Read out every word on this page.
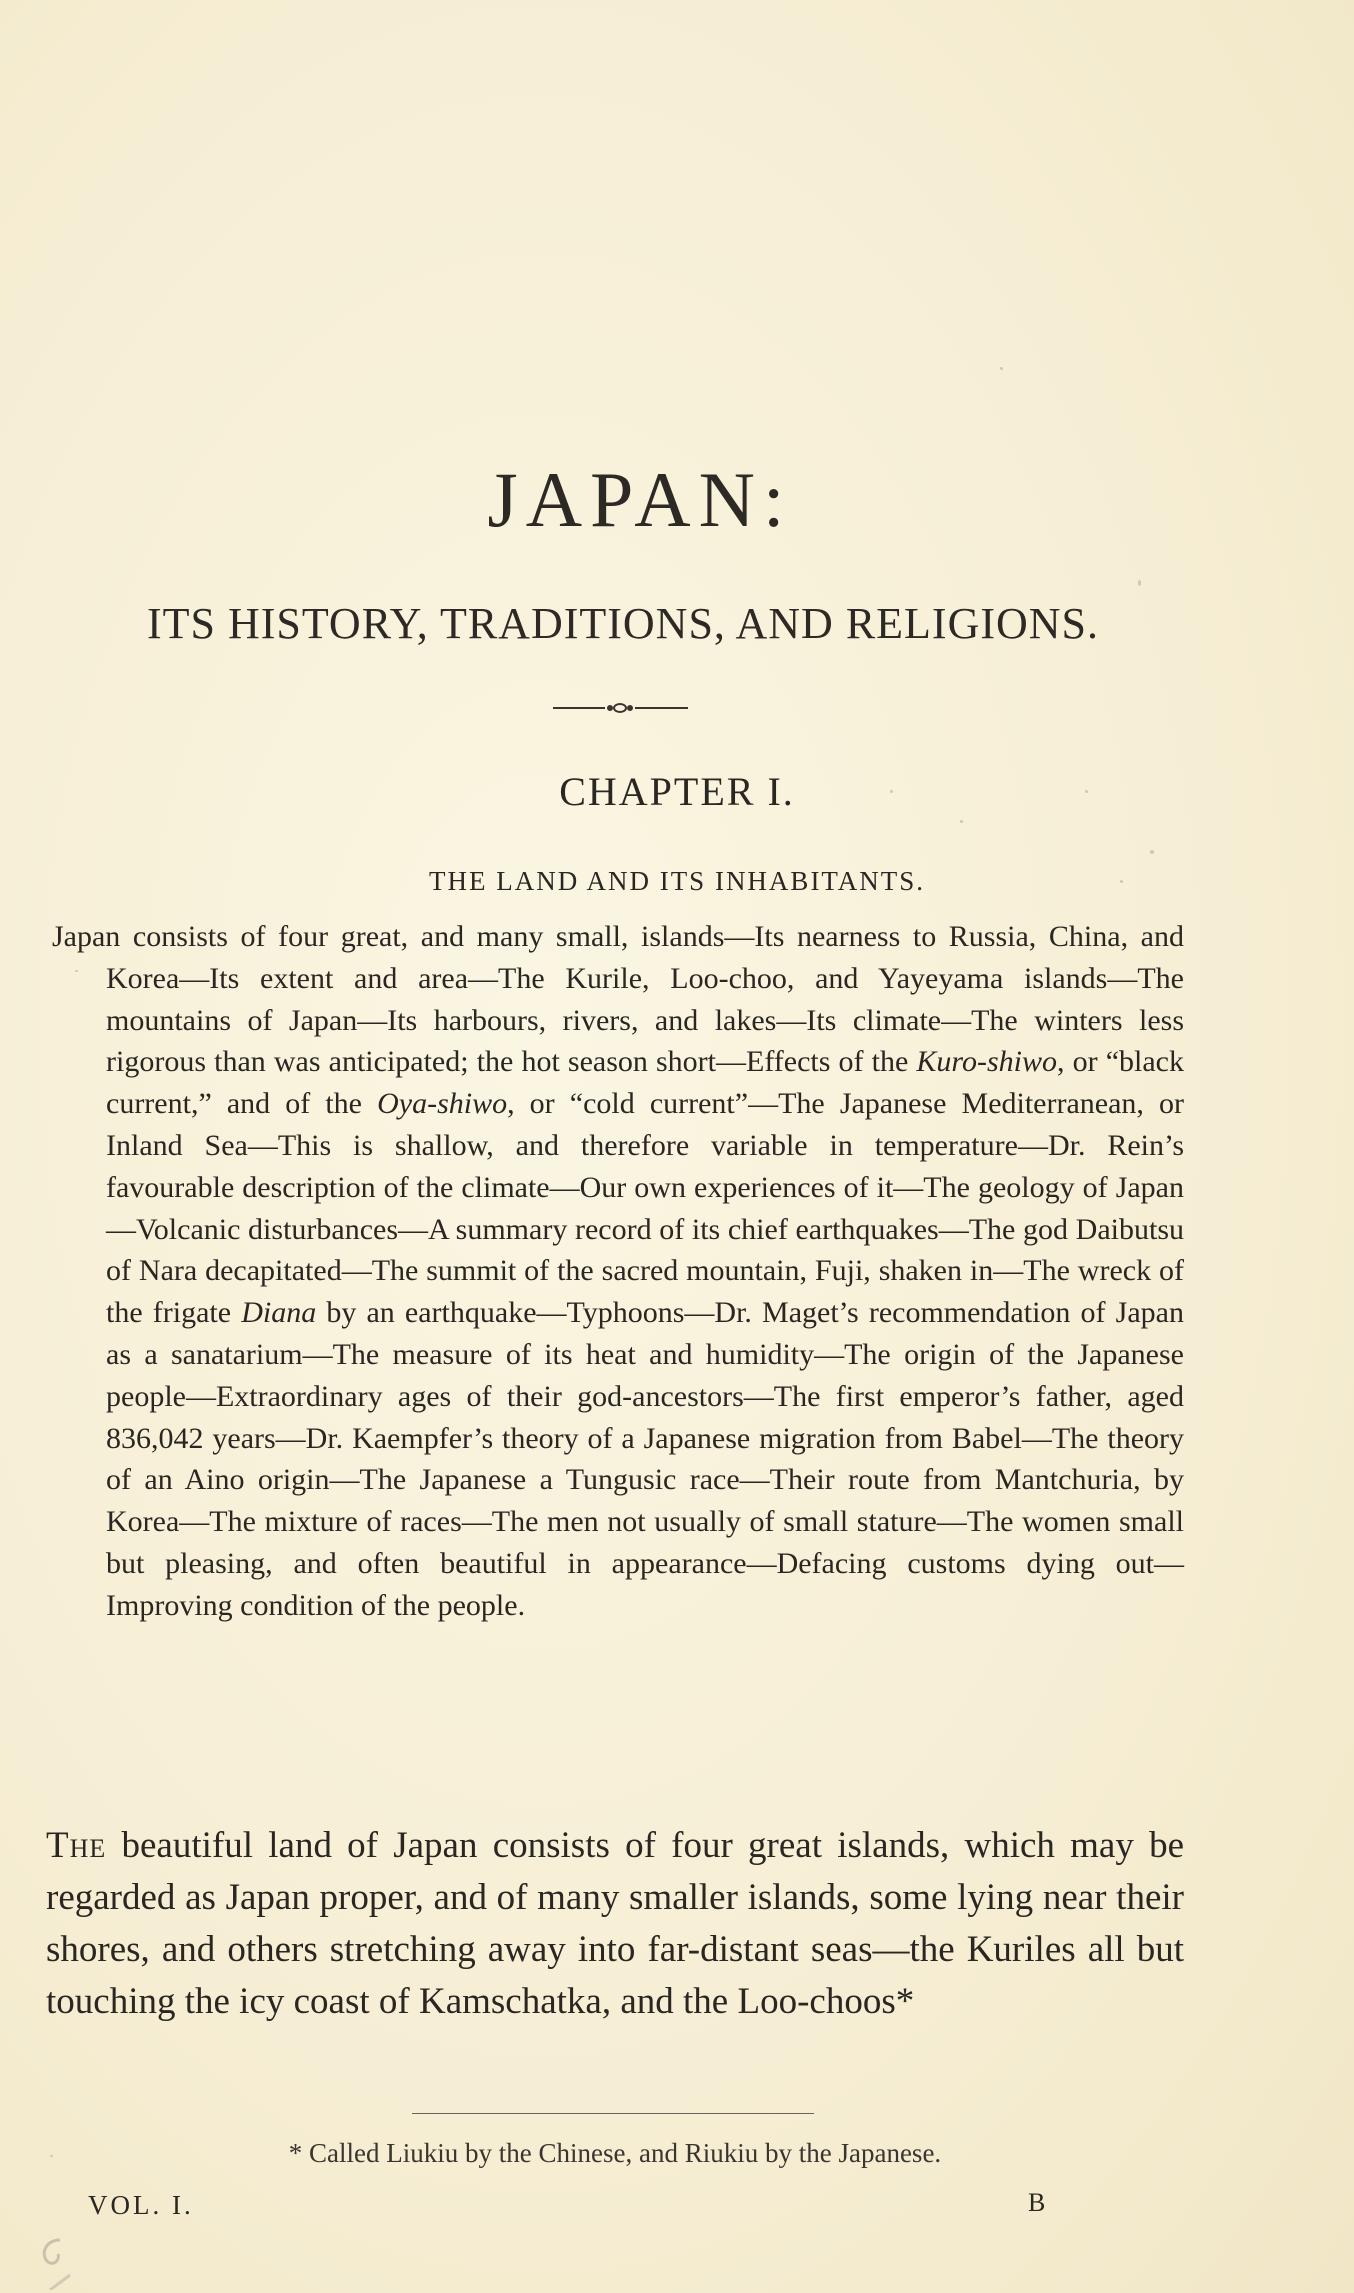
JAPAN:
ITS HISTORY, TRADITIONS, AND RELIGIONS.
CHAPTER I.
THE LAND AND ITS INHABITANTS.
Japan consists of four great, and many small, islands—Its nearness to Russia, China, and Korea—Its extent and area—The Kurile, Loo-choo, and Yayeyama islands—The mountains of Japan—Its harbours, rivers, and lakes—Its climate—The winters less rigorous than was anticipated; the hot season short—Effects of the Kuro-shiwo, or “black current,” and of the Oya-shiwo, or “cold current”—The Japanese Mediterranean, or Inland Sea—This is shallow, and therefore variable in temperature—Dr. Rein’s favourable description of the climate—Our own experiences of it—The geology of Japan—Volcanic disturbances—A summary record of its chief earthquakes—The god Daibutsu of Nara decapitated—The summit of the sacred mountain, Fuji, shaken in—The wreck of the frigate Diana by an earthquake—Typhoons—Dr. Maget’s recommendation of Japan as a sanatarium—The measure of its heat and humidity—The origin of the Japanese people—Extraordinary ages of their god-ancestors—The first emperor’s father, aged 836,042 years—Dr. Kaempfer’s theory of a Japanese migration from Babel—The theory of an Aino origin—The Japanese a Tungusic race—Their route from Mantchuria, by Korea—The mixture of races—The men not usually of small stature—The women small but pleasing, and often beautiful in appearance—Defacing customs dying out—Improving condition of the people.
The beautiful land of Japan consists of four great islands, which may be regarded as Japan proper, and of many smaller islands, some lying near their shores, and others stretching away into far-distant seas—the Kuriles all but touching the icy coast of Kamschatka, and the Loo-choos*
* Called Liukiu by the Chinese, and Riukiu by the Japanese.
VOL. I.	B
